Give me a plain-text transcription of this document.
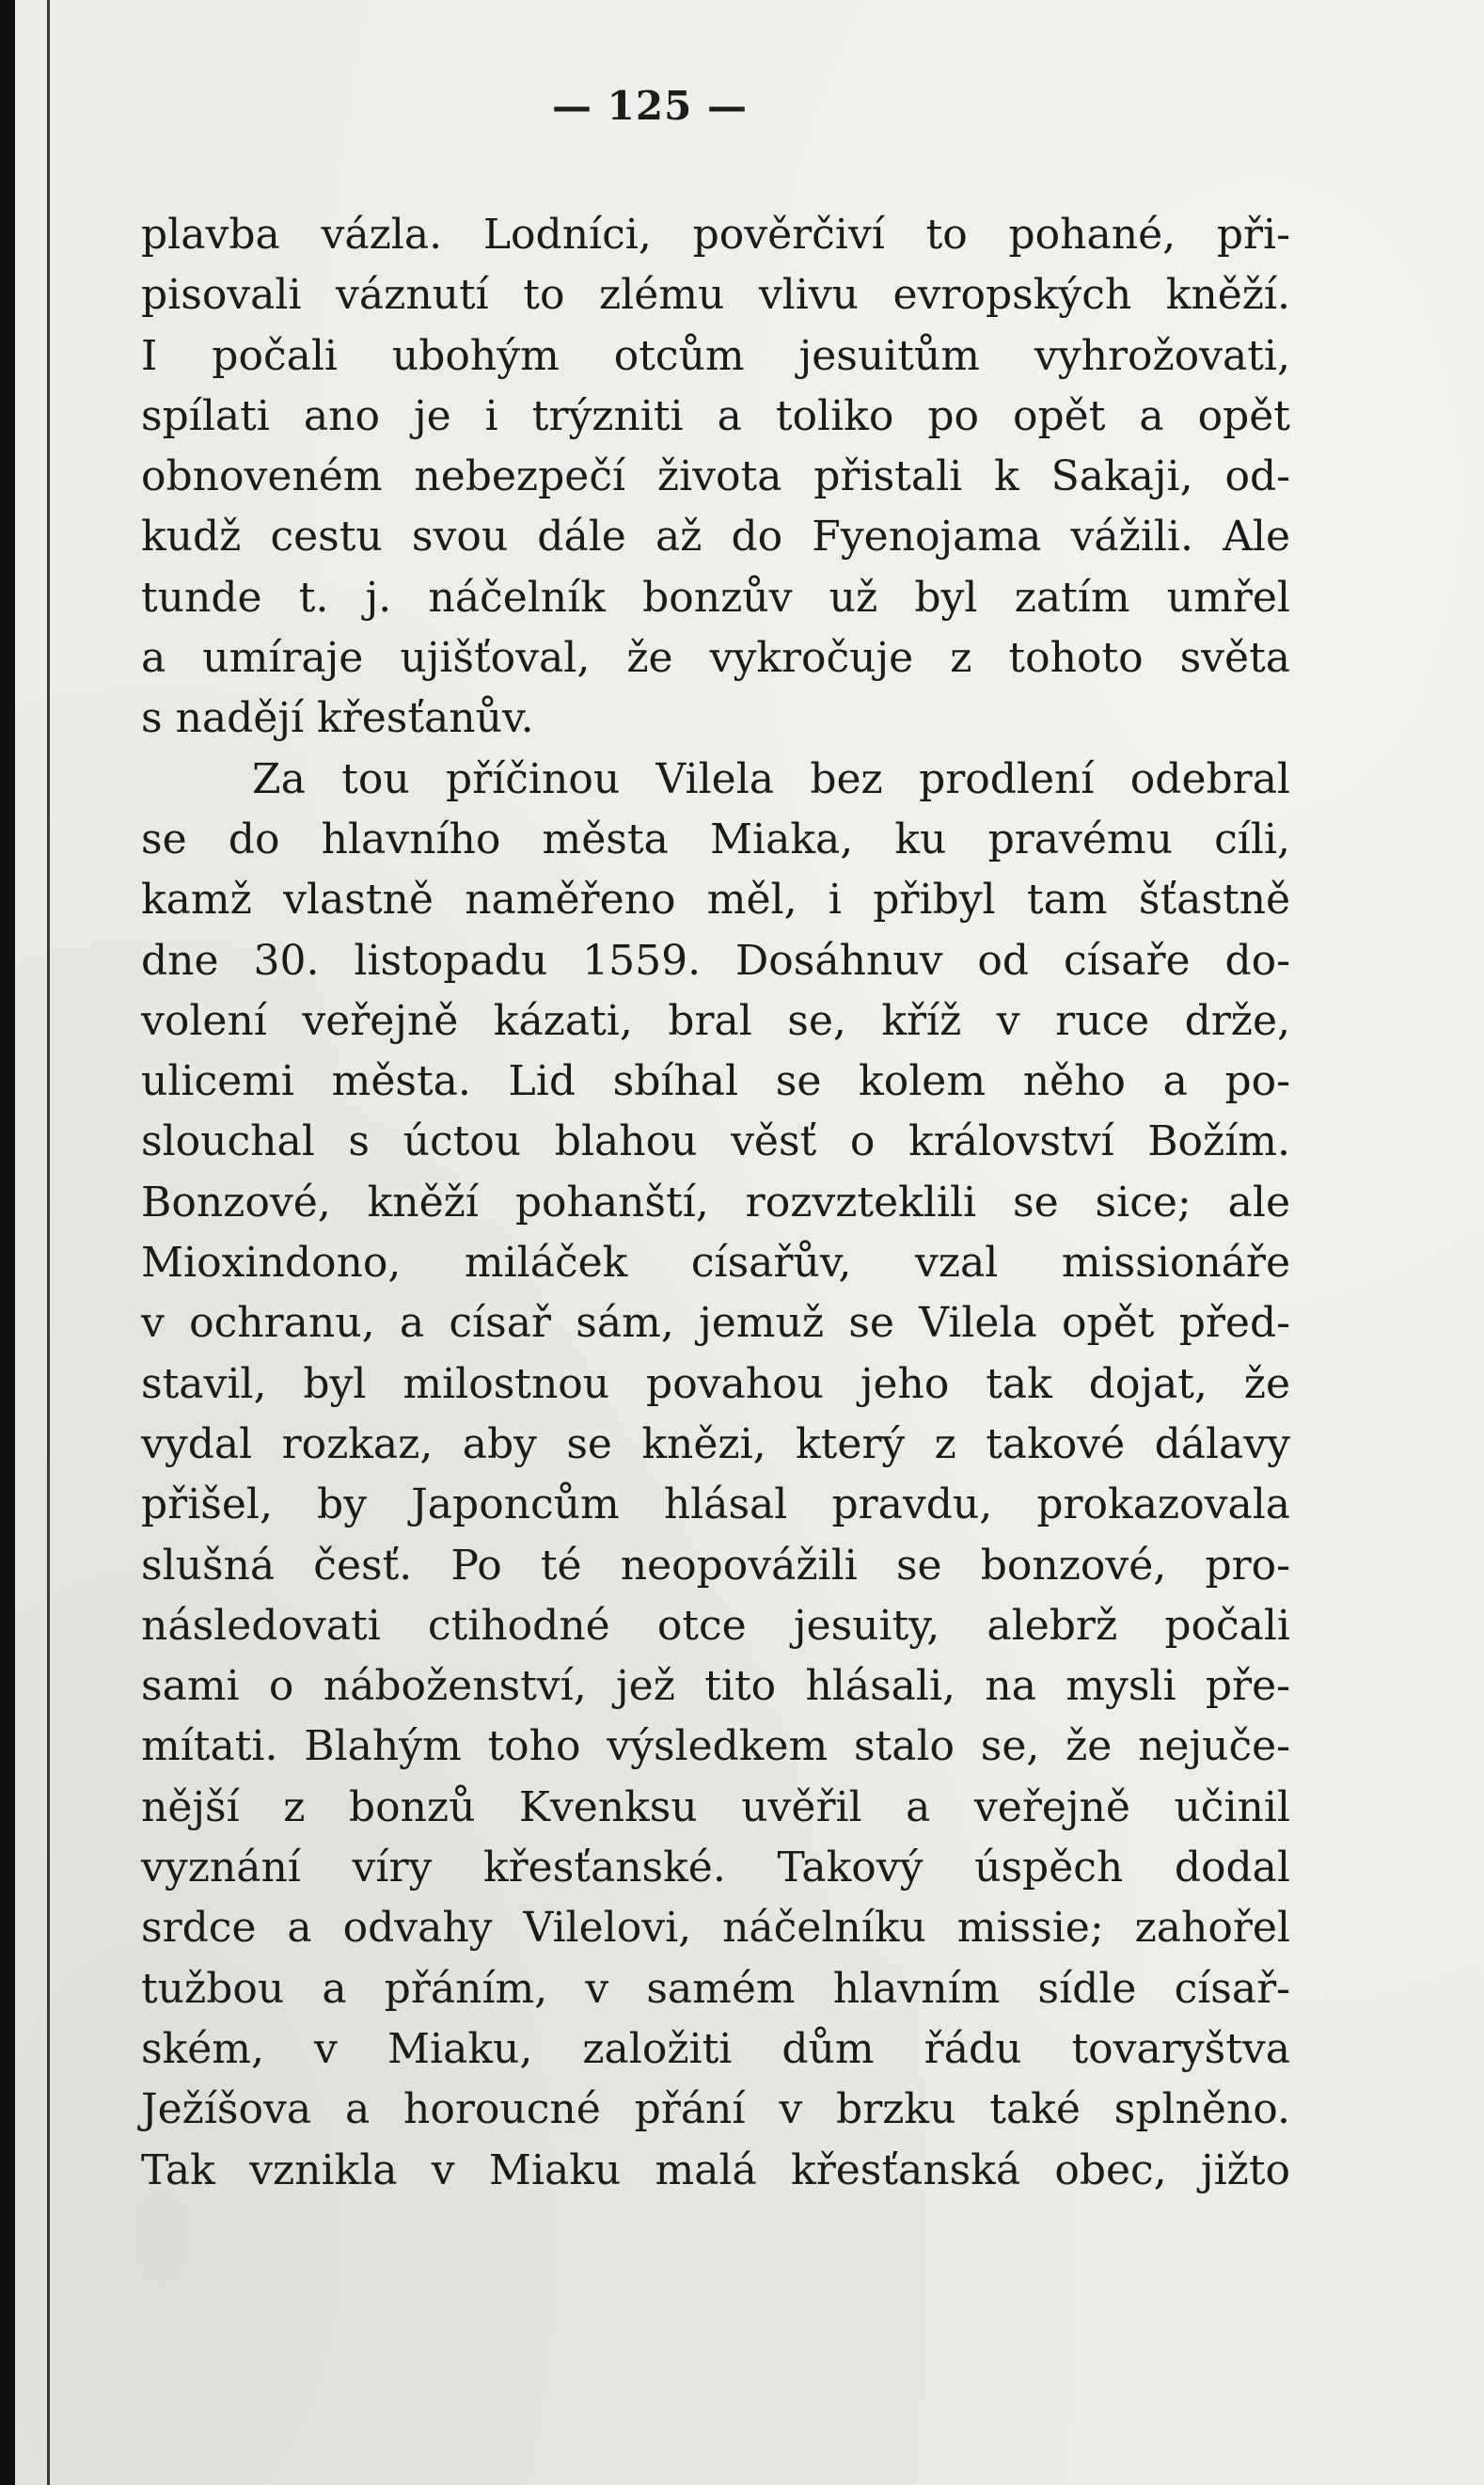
— 125 —
plavba vázla. Lodníci, pověrčiví to pohané, při-
pisovali váznutí to zlému vlivu evropských kněží.
I počali ubohým otcům jesuitům vyhrožovati,
spílati ano je i trýzniti a toliko po opět a opět
obnoveném nebezpečí života přistali k Sakaji, od-
kudž cestu svou dále až do Fyenojama vážili. Ale
tunde t. j. náčelník bonzův už byl zatím umřel
a umíraje ujišťoval, že vykročuje z tohoto světa
s nadějí křesťanův.
Za tou příčinou Vilela bez prodlení odebral
se do hlavního města Miaka, ku pravému cíli,
kamž vlastně naměřeno měl, i přibyl tam šťastně
dne 30. listopadu 1559. Dosáhnuv od císaře do-
volení veřejně kázati, bral se, kříž v ruce drže,
ulicemi města. Lid sbíhal se kolem něho a po-
slouchal s úctou blahou věsť o království Božím.
Bonzové, kněží pohanští, rozvzteklili se sice; ale
Mioxindono, miláček císařův, vzal missionáře
v ochranu, a císař sám, jemuž se Vilela opět před-
stavil, byl milostnou povahou jeho tak dojat, že
vydal rozkaz, aby se knězi, který z takové dálavy
přišel, by Japoncům hlásal pravdu, prokazovala
slušná česť. Po té neopovážili se bonzové, pro-
následovati ctihodné otce jesuity, alebrž počali
sami o náboženství, jež tito hlásali, na mysli pře-
mítati. Blahým toho výsledkem stalo se, že nejuče-
nější z bonzů Kvenksu uvěřil a veřejně učinil
vyznání víry křesťanské. Takový úspěch dodal
srdce a odvahy Vilelovi, náčelníku missie; zahořel
tužbou a přáním, v samém hlavním sídle císař-
ském, v Miaku, založiti dům řádu tovaryštva
Ježíšova a horoucné přání v brzku také splněno.
Tak vznikla v Miaku malá křesťanská obec, jižto
